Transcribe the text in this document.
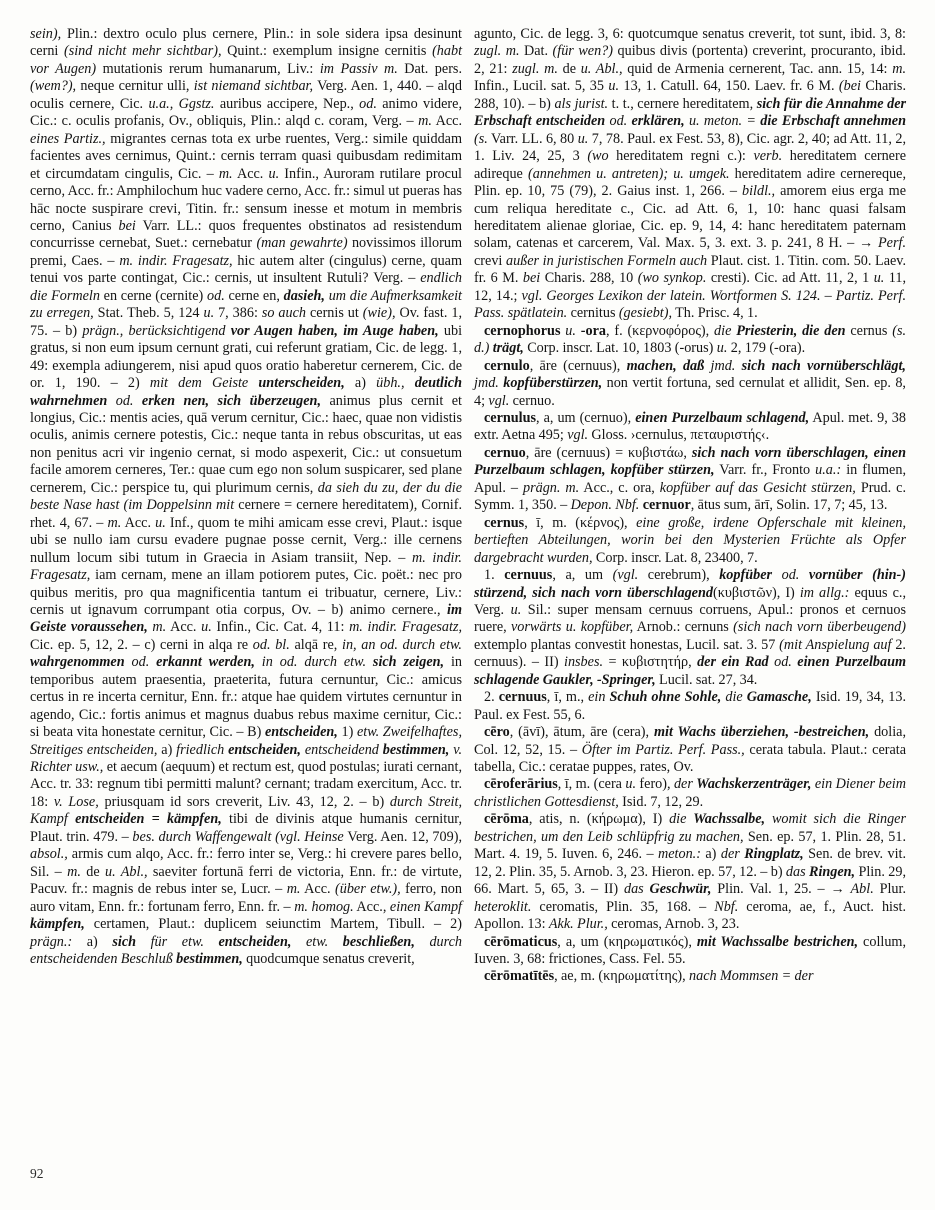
sein), Plin.: dextro oculo plus cernere, Plin.: in sole sidera ipsa desinunt cerni (sind nicht mehr sichtbar), Quint.: exemplum insigne cernitis (habt vor Augen) mutationis rerum humanarum, Liv.: im Passiv m. Dat. pers. (wem?), neque cernitur ulli, ist niemand sichtbar, Verg. Aen. 1, 440. – alqd oculis cernere, Cic. u.a., Ggstz. auribus accipere, Nep., od. animo videre, Cic.: c. oculis profanis, Ov., obliquis, Plin.: alqd c. coram, Verg. – m. Acc. eines Partiz., migrantes cernas tota ex urbe ruentes, Verg.: simile quiddam facientes aves cernimus, Quint.: cernis terram quasi quibusdam redimitam et circumdatam cingulis, Cic. – m. Acc. u. Infin., Auroram rutilare procul cerno, Acc. fr.: Amphilochum huc vadere cerno, Acc. fr.: simul ut pueras has hāc nocte suspirare crevi, Titin. fr.: sensum inesse et motum in membris cerno, Canius bei Varr. LL.: quos frequentes obstinatos ad resistendum concurrisse cernebat, Suet.: cernebatur (man gewahrte) novissimos illorum premi, Caes. – m. indir. Fragesatz, hic autem alter (cingulus) cerne, quam tenui vos parte contingat, Cic.: cernis, ut insultent Rutuli? Verg. – endlich die Formeln en cerne (cernite) od. cerne en, dasieh, um die Aufmerksamkeit zu erregen, Stat. Theb. 5, 124 u. 7, 386: so auch cernis ut (wie), Ov. fast. 1, 75. – b) prägn., berücksichtigend vor Augen haben, im Auge haben, ubi gratus, si non eum ipsum cernunt grati, cui referunt gratiam, Cic. de legg. 1, 49: exempla adiungerem, nisi apud quos oratio haberetur cernerem, Cic. de or. 1, 190. – 2) mit dem Geiste unterscheiden, a) übh., deutlich wahrnehmen od. erken nen, sich überzeugen, animus plus cernit et longius, Cic.: mentis acies, quā verum cernitur, Cic.: haec, quae non vidistis oculis, animis cernere potestis, Cic.: neque tanta in rebus obscuritas, ut eas non penitus acri vir ingenio cernat, si modo aspexerit, Cic.: ut consuetum facile amorem cerneres, Ter.: quae cum ego non solum suspicarer, sed plane cernerem, Cic.: perspice tu, qui plurimum cernis, da sieh du zu, der du die beste Nase hast (im Doppelsinn mit cernere = cernere hereditatem), Cornif. rhet. 4, 67. – m. Acc. u. Inf., quom te mihi amicam esse crevi, Plaut.: isque ubi se nullo iam cursu evadere pugnae posse cernit, Verg.: ille cernens nullum locum sibi tutum in Graecia in Asiam transiit, Nep. – m. indir. Fragesatz, iam cernam, mene an illam potiorem putes, Cic. poët.: nec pro quibus meritis, pro qua magnificentia tantum ei tribuatur, cernere, Liv.: cernis ut ignavum corrumpant otia corpus, Ov. – b) animo cernere., im Geiste voraussehen, m. Acc. u. Infin., Cic. Cat. 4, 11: m. indir. Fragesatz, Cic. ep. 5, 12, 2. – c) cerni in alqa re od. bl. alqā re, in, an od. durch etw. wahrgenommen od. erkannt werden, in od. durch etw. sich zeigen, in temporibus autem praesentia, praeterita, futura cernuntur, Cic.: amicus certus in re incerta cernitur, Enn. fr.: atque hae quidem virtutes cernuntur in agendo, Cic.: fortis animus et magnus duabus rebus maxime cernitur, Cic.: si beata vita honestate cernitur, Cic. – B) entscheiden, 1) etw. Zweifelhaftes, Streitiges entscheiden, a) friedlich entscheiden, entscheidend bestimmen, v. Richter usw., et aecum (aequum) et rectum est, quod postulas; iurati cernant, Acc. tr. 33: regnum tibi permitti malunt? cernant; tradam exercitum, Acc. tr. 18: v. Lose, priusquam id sors creverit, Liv. 43, 12, 2. – b) durch Streit, Kampf entscheiden = kämpfen, tibi de divinis atque humanis cernitur, Plaut. trin. 479. – bes. durch Waffengewalt (vgl. Heinse Verg. Aen. 12, 709), absol., armis cum alqo, Acc. fr.: ferro inter se, Verg.: hi crevere pares bello, Sil. – m. de u. Abl., saeviter fortunā ferri de victoria, Enn. fr.: de virtute, Pacuv. fr.: magnis de rebus inter se, Lucr. – m. Acc. (über etw.), ferro, non auro vitam, Enn. fr.: fortunam ferro, Enn. fr. – m. homog. Acc., einen Kampf kämpfen, certamen, Plaut.: duplicem seiunctim Martem, Tibull. – 2) prägn.: a) sich für etw. entscheiden, etw. beschließen, durch entscheidenden Beschluß bestimmen, quodcumque senatus creverit,

agunto, Cic. de legg. 3, 6: quotcumque senatus creverit, tot sunt, ibid. 3, 8: zugl. m. Dat. (für wen?) quibus divis (portenta) creverint, procuranto, ibid. 2, 21: zugl. m. de u. Abl., quid de Armenia cernerent, Tac. ann. 15, 14: m. Infin., Lucil. sat. 5, 35 u. 13, 1. Catull. 64, 150. Laev. fr. 6 M. (bei Charis. 288, 10). – b) als jurist. t. t., cernere hereditatem, sich für die Annahme der Erbschaft entscheiden od. erklären, u. meton. = die Erbschaft annehmen (s. Varr. LL. 6, 80 u. 7, 78. Paul. ex Fest. 53, 8), Cic. agr. 2, 40; ad Att. 11, 2, 1. Liv. 24, 25, 3 (wo hereditatem regni c.): verb. hereditatem cernere adireque (annehmen u. antreten); u. umgek. hereditatem adire cernereque, Plin. ep. 10, 75 (79), 2. Gaius inst. 1, 266. – bildl., amorem eius erga me cum reliqua hereditate c., Cic. ad Att. 6, 1, 10: hanc quasi falsam hereditatem alienae gloriae, Cic. ep. 9, 14, 4: hanc hereditatem paternam solam, catenas et carcerem, Val. Max. 5, 3. ext. 3. p. 241, 8 H. – → Perf. crevi außer in juristischen Formeln auch Plaut. cist. 1. Titin. com. 50. Laev. fr. 6 M. bei Charis. 288, 10 (wo synkop. cresti). Cic. ad Att. 11, 2, 1 u. 11, 12, 14.; vgl. Georges Lexikon der latein. Wortformen S. 124. – Partiz. Perf. Pass. spätlatein. cernitus (gesiebt), Th. Prisc. 4, 1.

cernophorus u. -ora, f. (κερνοφόρος), die Priesterin, die den cernus (s. d.) trägt, Corp. inscr. Lat. 10, 1803 (-orus) u. 2, 179 (-ora).

cernulo, āre (cernuus), machen, daß jmd. sich nach vornüberschlägt, jmd. kopfüberstürzen, non vertit fortuna, sed cernulat et allidit, Sen. ep. 8, 4; vgl. cernuo.

cernulus, a, um (cernuo), einen Purzelbaum schlagend, Apul. met. 9, 38 extr. Aetna 495; vgl. Gloss. ›cernulus, πεταυριστής‹.

cernuo, āre (cernuus) = κυβιστάω, sich nach vorn überschlagen, einen Purzelbaum schlagen, kopfüber stürzen, Varr. fr., Fronto u.a.: in flumen, Apul. – prägn. m. Acc., c. ora, kopfüber auf das Gesicht stürzen, Prud. c. Symm. 1, 350. – Depon. Nbf. cernuor, ātus sum, ārī, Solin. 17, 7; 45, 13.

cernus, ī, m. (κέρνος), eine große, irdene Opferschale mit kleinen, bertieften Abteilungen, worin bei den Mysterien Früchte als Opfer dargebracht wurden, Corp. inscr. Lat. 8, 23400, 7.

1. cernuus, a, um (vgl. cerebrum), kopfüber od. vornüber (hin-) stürzend, sich nach vorn überschlagend(κυβιστῶν), I) im allg.: equus c., Verg. u. Sil.: super mensam cernuus corruens, Apul.: pronos et cernuos ruere, vorwärts u. kopfüber, Arnob.: cernuns (sich nach vorn überbeugend) extemplo plantas convestit honestas, Lucil. sat. 3. 57 (mit Anspielung auf 2. cernuus). – II) insbes. = κυβιστητήρ, der ein Rad od. einen Purzelbaum schlagende Gaukler, -Springer, Lucil. sat. 27, 34.

2. cernuus, ī, m., ein Schuh ohne Sohle, die Gamasche, Isid. 19, 34, 13. Paul. ex Fest. 55, 6.

cēro, (āvī), ātum, āre (cera), mit Wachs überziehen, -bestreichen, dolia, Col. 12, 52, 15. – Öfter im Partiz. Perf. Pass., cerata tabula. Plaut.: cerata tabella, Cic.: ceratae puppes, rates, Ov.

cēroferārius, ī, m. (cera u. fero), der Wachskerzenträger, ein Diener beim christlichen Gottesdienst, Isid. 7, 12, 29.

cērōma, atis, n. (κήρωμα), I) die Wachssalbe, womit sich die Ringer bestrichen, um den Leib schlüpfrig zu machen, Sen. ep. 57, 1. Plin. 28, 51. Mart. 4. 19, 5. Iuven. 6, 246. – meton.: a) der Ringplatz, Sen. de brev. vit. 12, 2. Plin. 35, 5. Arnob. 3, 23. Hieron. ep. 57, 12. – b) das Ringen, Plin. 29, 66. Mart. 5, 65, 3. – II) das Geschwür, Plin. Val. 1, 25. – → Abl. Plur. heteroklit. ceromatis, Plin. 35, 168. – Nbf. ceroma, ae, f., Auct. hist. Apollon. 13: Akk. Plur., ceromas, Arnob. 3, 23.

cērōmaticus, a, um (κηρωματικός), mit Wachssalbe bestrichen, collum, Iuven. 3, 68: frictiones, Cass. Fel. 55.

cērōmatītēs, ae, m. (κηρωματίτης), nach Mommsen = der

92
